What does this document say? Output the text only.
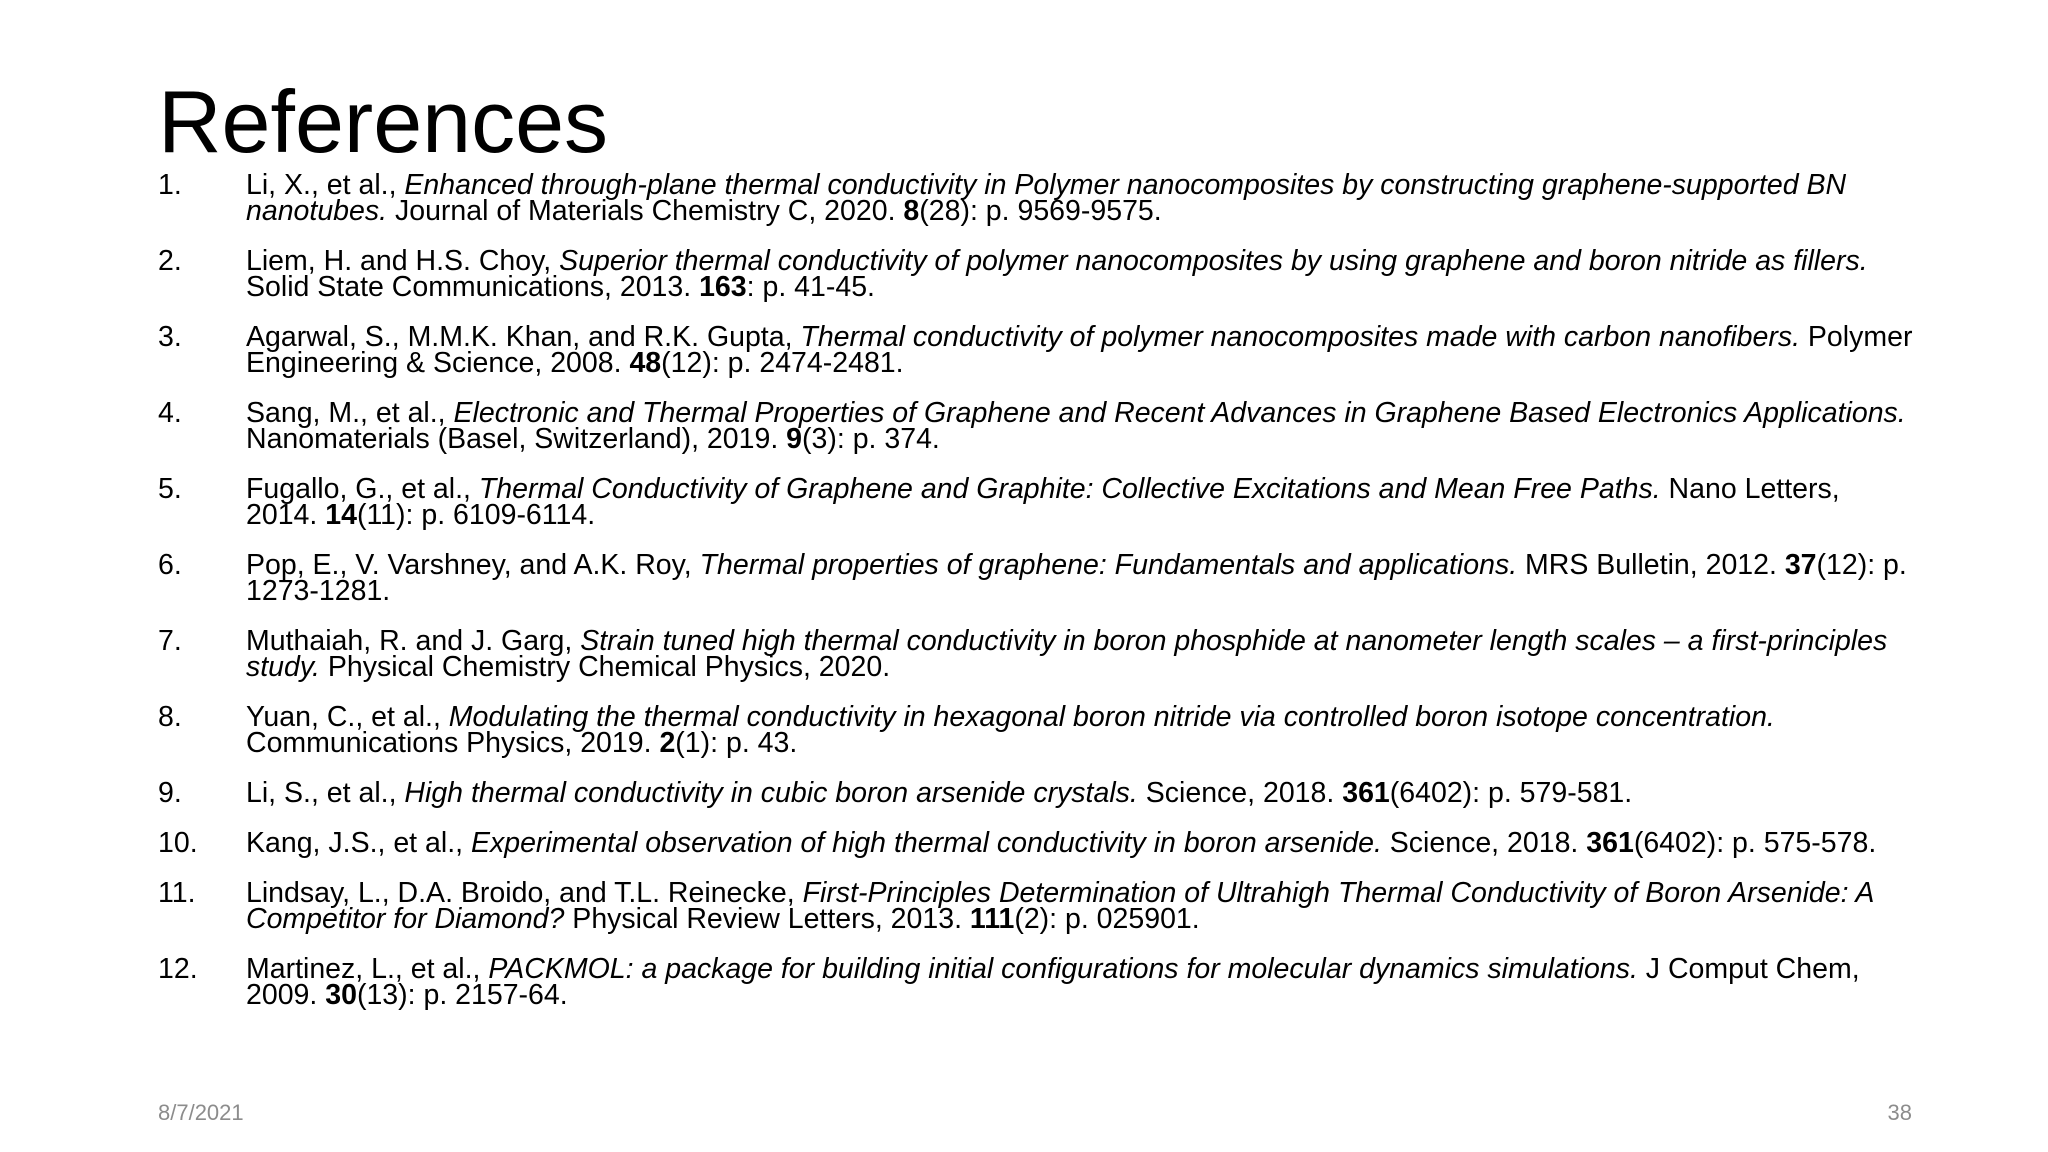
References
1.	Li, X., et al., Enhanced through-plane thermal conductivity in Polymer nanocomposites by constructing graphene-supported BN nanotubes. Journal of Materials Chemistry C, 2020. 8(28): p. 9569-9575.
2.	Liem, H. and H.S. Choy, Superior thermal conductivity of polymer nanocomposites by using graphene and boron nitride as fillers. Solid State Communications, 2013. 163: p. 41-45.
3.	Agarwal, S., M.M.K. Khan, and R.K. Gupta, Thermal conductivity of polymer nanocomposites made with carbon nanofibers. Polymer Engineering & Science, 2008. 48(12): p. 2474-2481.
4.	Sang, M., et al., Electronic and Thermal Properties of Graphene and Recent Advances in Graphene Based Electronics Applications. Nanomaterials (Basel, Switzerland), 2019. 9(3): p. 374.
5.	Fugallo, G., et al., Thermal Conductivity of Graphene and Graphite: Collective Excitations and Mean Free Paths. Nano Letters, 2014. 14(11): p. 6109-6114.
6.	Pop, E., V. Varshney, and A.K. Roy, Thermal properties of graphene: Fundamentals and applications. MRS Bulletin, 2012. 37(12): p. 1273-1281.
7.	Muthaiah, R. and J. Garg, Strain tuned high thermal conductivity in boron phosphide at nanometer length scales – a first-principles study. Physical Chemistry Chemical Physics, 2020.
8.	Yuan, C., et al., Modulating the thermal conductivity in hexagonal boron nitride via controlled boron isotope concentration. Communications Physics, 2019. 2(1): p. 43.
9.	Li, S., et al., High thermal conductivity in cubic boron arsenide crystals. Science, 2018. 361(6402): p. 579-581.
10.	Kang, J.S., et al., Experimental observation of high thermal conductivity in boron arsenide. Science, 2018. 361(6402): p. 575-578.
11.	Lindsay, L., D.A. Broido, and T.L. Reinecke, First-Principles Determination of Ultrahigh Thermal Conductivity of Boron Arsenide: A Competitor for Diamond? Physical Review Letters, 2013. 111(2): p. 025901.
12.	Martinez, L., et al., PACKMOL: a package for building initial configurations for molecular dynamics simulations. J Comput Chem, 2009. 30(13): p. 2157-64.
8/7/2021	38
